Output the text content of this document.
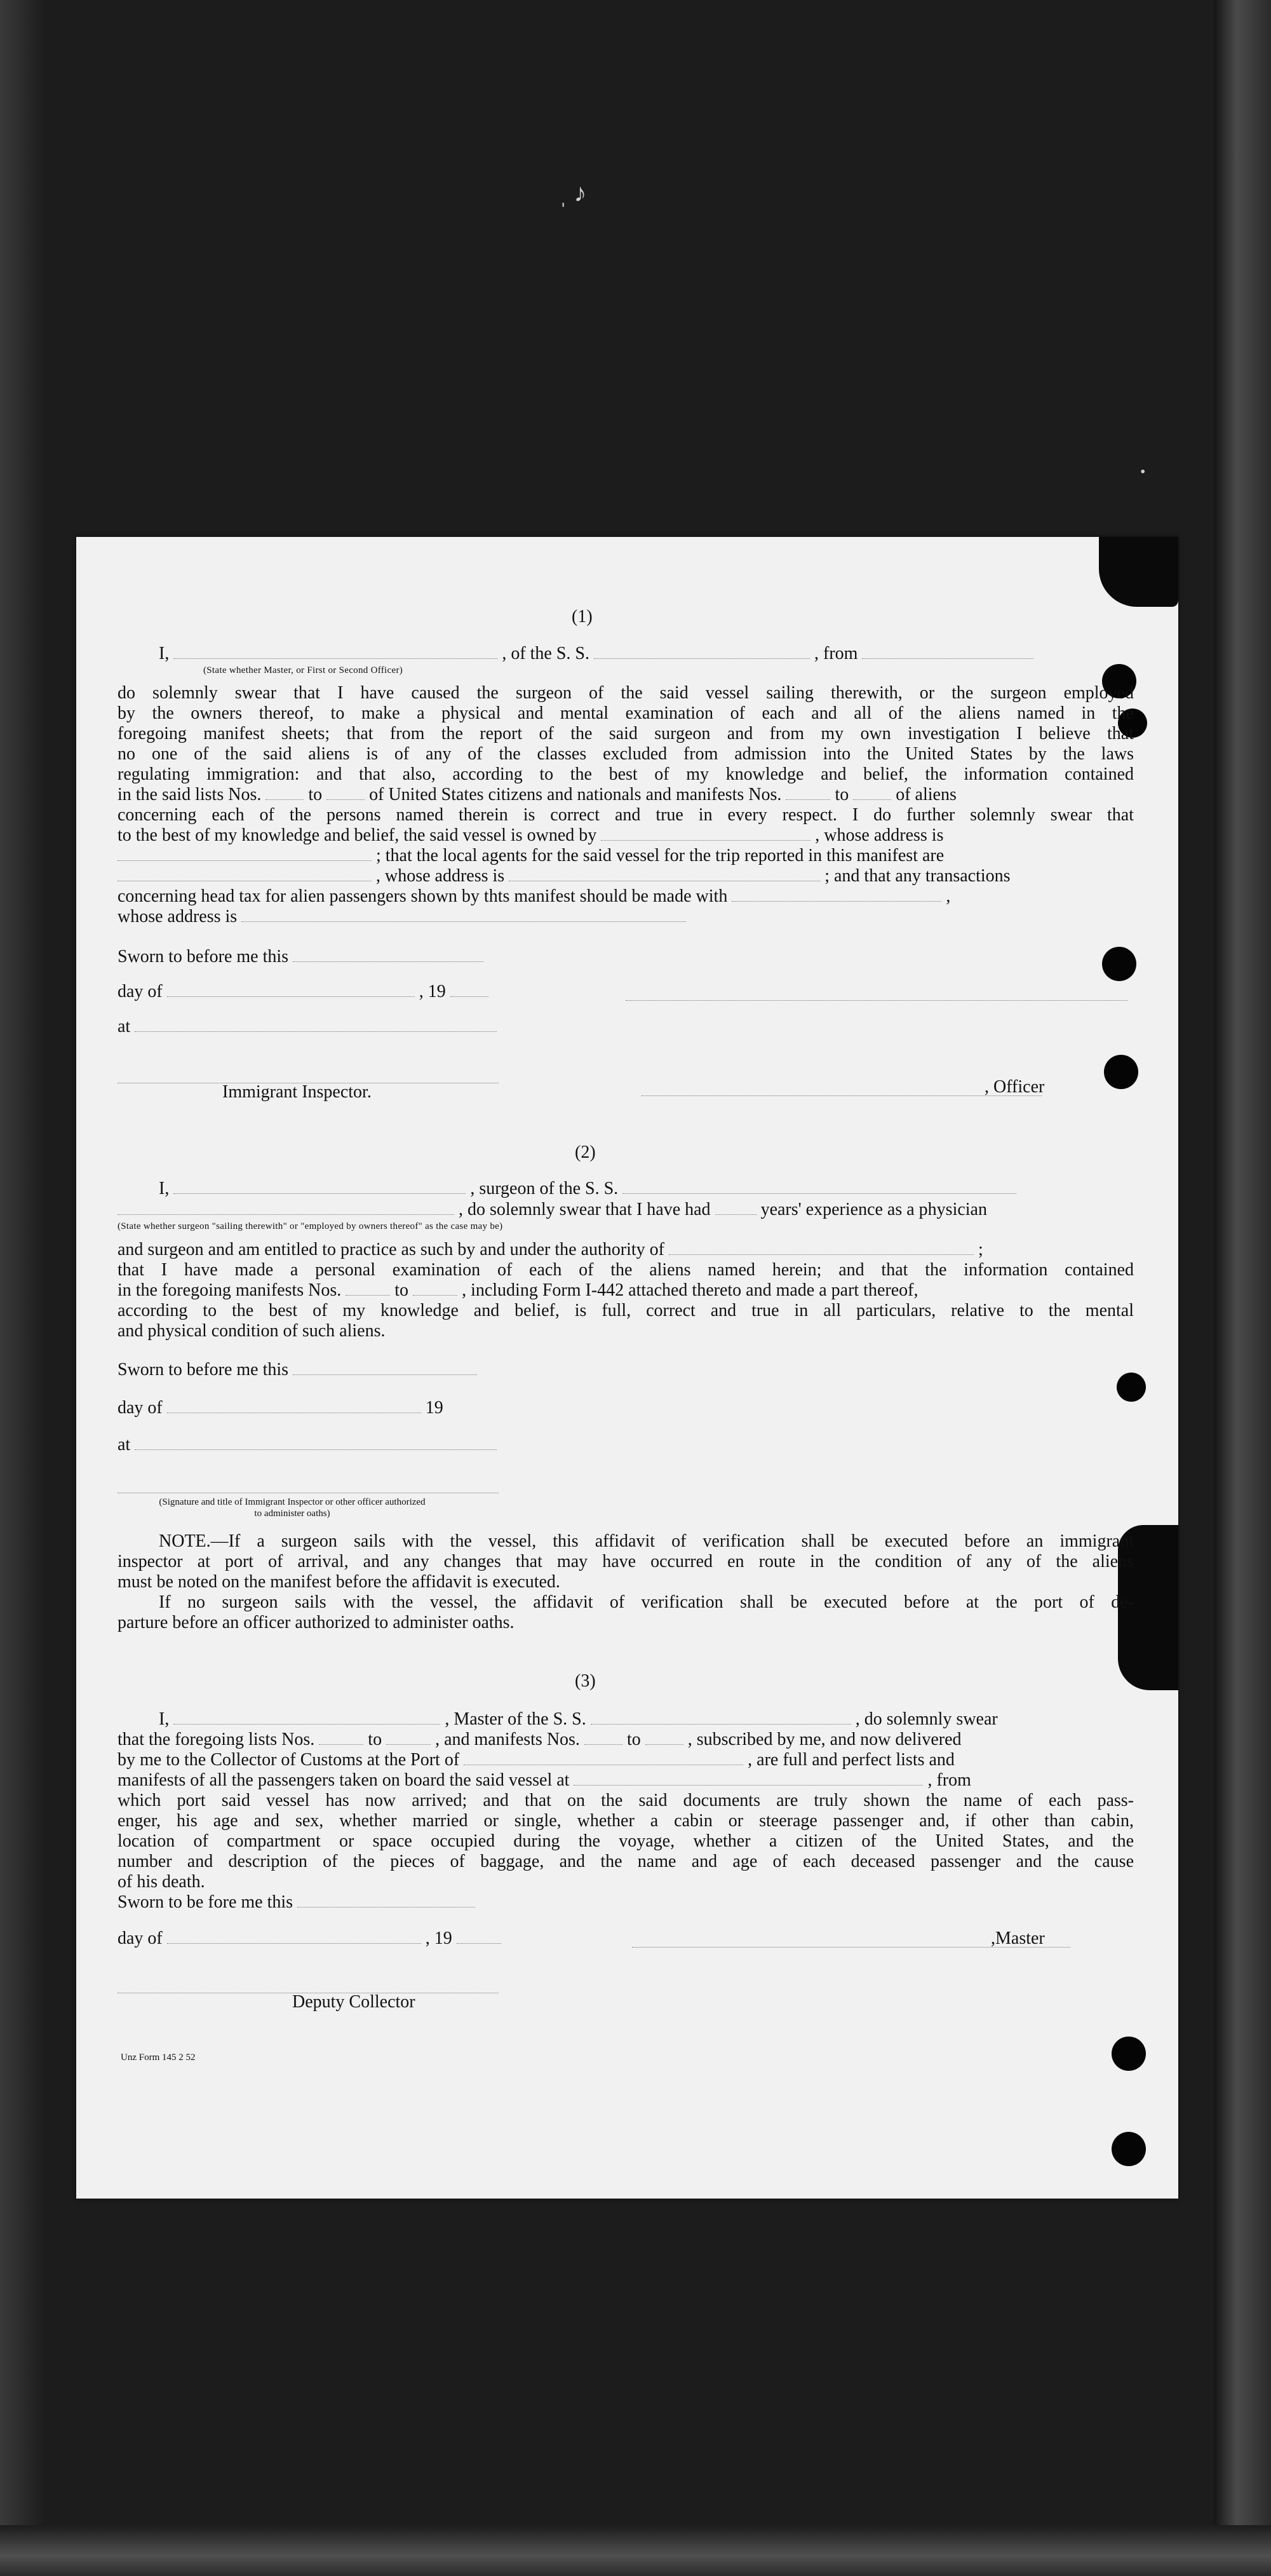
ˌ ♪
•
(1)
I,	, of the S. S.	, from
(State whether Master, or First or Second Officer)
do solemnly swear that I have caused the surgeon of the said vessel sailing therewith, or the surgeon employed
by the owners thereof, to make a physical and mental examination of each and all of the aliens named in the
foregoing manifest sheets; that from the report of the said surgeon and from my own investigation I believe that
no one of the said aliens is of any of the classes excluded from admission into the United States by the laws
regulating immigration: and that also, according to the best of my knowledge and belief, the information contained
in the said lists Nos.	to	of United States citizens and nationals and manifests Nos.	to	of aliens
concerning each of the persons named therein is correct and true in every respect. I do further solemnly swear that
to the best of my knowledge and belief, the said vessel is owned by	, whose address is
; that the local agents for the said vessel for the trip reported in this manifest are
, whose address is	; and that any transactions
concerning head tax for alien passengers shown by thts manifest should be made with	,
whose address is
Sworn to before me this
day of	, 19
at
Immigrant Inspector.	, Officer
(2)
I,	, surgeon of the S. S.
, do solemnly swear that I have had	years' experience as a physician
(State whether surgeon "sailing therewith" or "employed by owners thereof" as the case may be)
and surgeon and am entitled to practice as such by and under the authority of	;
that I have made a personal examination of each of the aliens named herein; and that the information contained
in the foregoing manifests Nos.	to	, including Form I-442 attached thereto and made a part thereof,
according to the best of my knowledge and belief, is full, correct and true in all particulars, relative to the mental
and physical condition of such aliens.
Sworn to before me this
day of	19
at
(Signature and title of Immigrant Inspector or other officer authorized to administer oaths)
NOTE.—If a surgeon sails with the vessel, this affidavit of verification shall be executed before an immigrant
inspector at port of arrival, and any changes that may have occurred en route in the condition of any of the aliens
must be noted on the manifest before the affidavit is executed.
If no surgeon sails with the vessel, the affidavit of verification shall be executed before at the port of de-
parture before an officer authorized to administer oaths.
(3)
I,	, Master of the S. S.	, do solemnly swear
that the foregoing lists Nos.	to	, and manifests Nos.	to	, subscribed by me, and now delivered
by me to the Collector of Customs at the Port of	, are full and perfect lists and
manifests of all the passengers taken on board the said vessel at	, from
which port said vessel has now arrived; and that on the said documents are truly shown the name of each pass-
enger, his age and sex, whether married or single, whether a cabin or steerage passenger and, if other than cabin,
location of compartment or space occupied during the voyage, whether a citizen of the United States, and the
number and description of the pieces of baggage, and the name and age of each deceased passenger and the cause
of his death.
Sworn to be fore me this
day of	, 19	,Master
Deputy Collector
Unz Form 145 2 52
